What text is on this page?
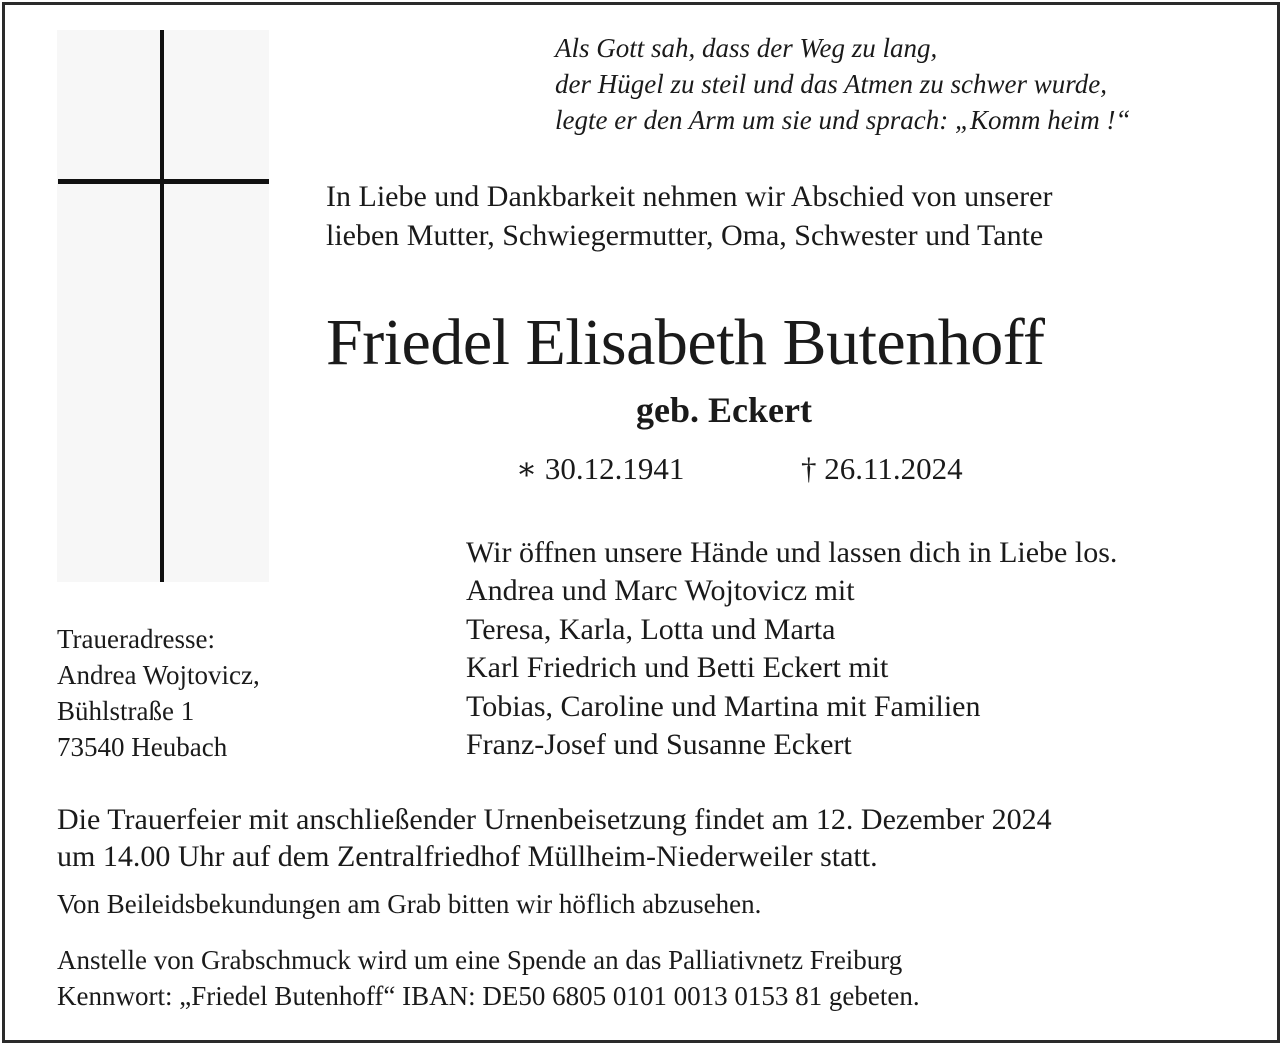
Als Gott sah, dass der Weg zu lang,
der Hügel zu steil und das Atmen zu schwer wurde,
legte er den Arm um sie und sprach: „Komm heim !“
In Liebe und Dankbarkeit nehmen wir Abschied von unserer
lieben Mutter, Schwiegermutter, Oma, Schwester und Tante
Friedel Elisabeth Butenhoff
geb. Eckert
∗ 30.12.1941	† 26.11.2024
Wir öffnen unsere Hände und lassen dich in Liebe los.
Andrea und Marc Wojtovicz mit
Teresa, Karla, Lotta und Marta
Karl Friedrich und Betti Eckert mit
Tobias, Caroline und Martina mit Familien
Franz-Josef und Susanne Eckert
Traueradresse:
Andrea Wojtovicz,
Bühlstraße 1
73540 Heubach
Die Trauerfeier mit anschließender Urnenbeisetzung findet am 12. Dezember 2024
um 14.00 Uhr auf dem Zentralfriedhof Müllheim-Niederweiler statt.
Von Beileidsbekundungen am Grab bitten wir höflich abzusehen.
Anstelle von Grabschmuck wird um eine Spende an das Palliativnetz Freiburg
Kennwort: „Friedel Butenhoff“ IBAN: DE50 6805 0101 0013 0153 81 gebeten.
